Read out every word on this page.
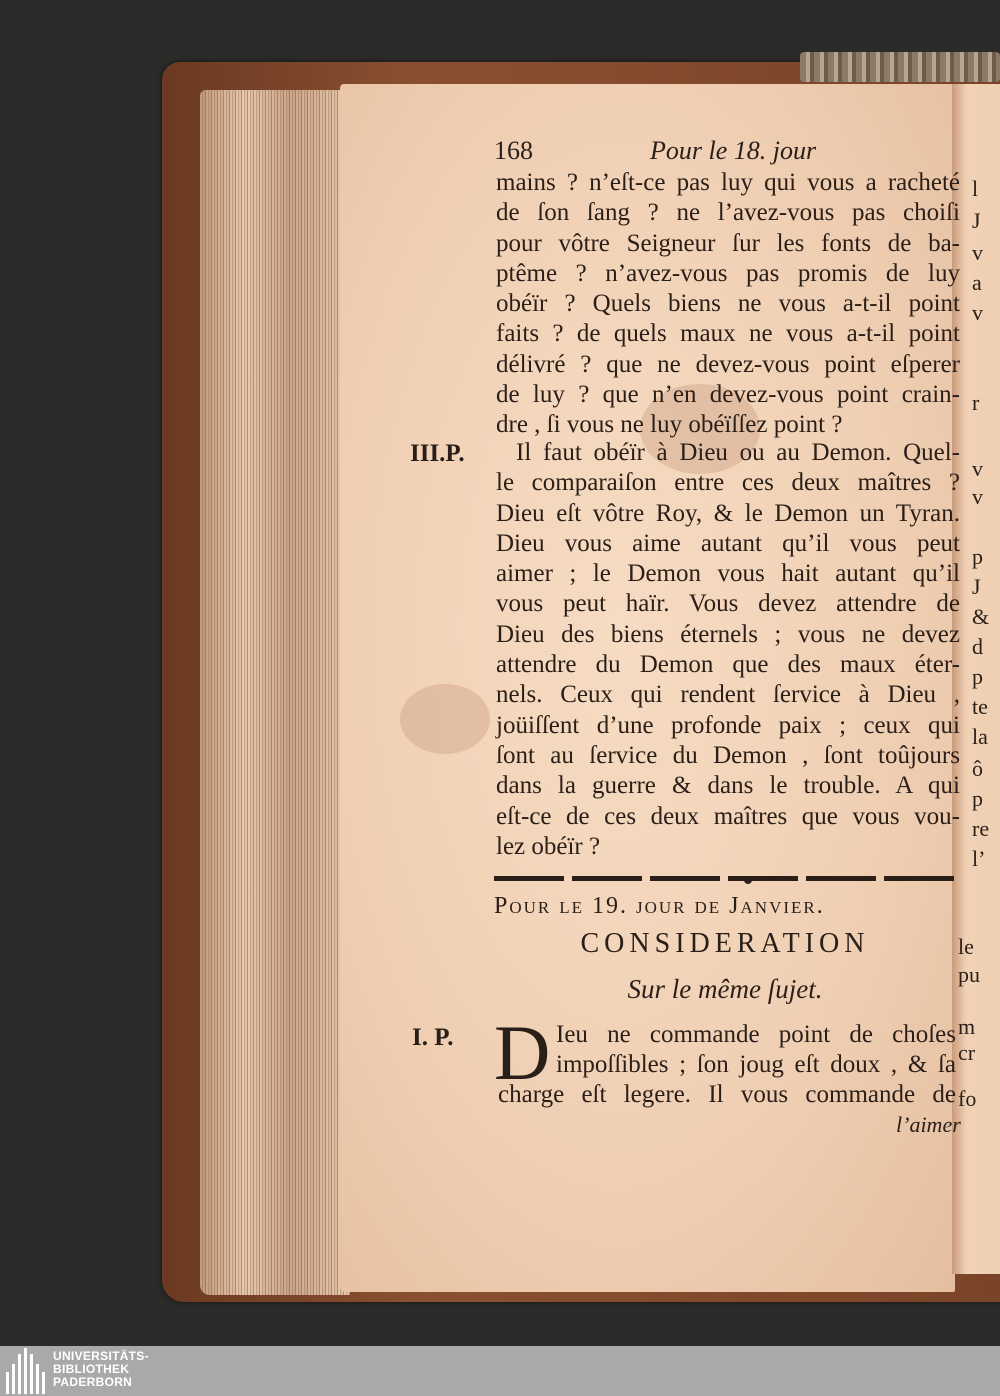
l
J
v
a
v
r
v
v
p
J
&
d
p
te
la
ô
p
re
l’
le
pu
m
cr
fo
168	Pour le 18. jour
mains ? n’eſt-ce pas luy qui vous a racheté
de ſon ſang ? ne l’avez-vous pas choiſi
pour vôtre Seigneur ſur les fonts de ba-
ptême ? n’avez-vous pas promis de luy
obéïr ? Quels biens ne vous a-t-il point
faits ? de quels maux ne vous a-t-il point
délivré ? que ne devez-vous point eſperer
de luy ? que n’en devez-vous point crain-
dre , ſi vous ne luy obéïſſez point ?
III.P.	Il faut obéïr à Dieu ou au Demon. Quel-
le comparaiſon entre ces deux maîtres ?
Dieu eſt vôtre Roy, & le Demon un Tyran.
Dieu vous aime autant qu’il vous peut
aimer ; le Demon vous hait autant qu’il
vous peut haïr. Vous devez attendre de
Dieu des biens éternels ; vous ne devez
attendre du Demon que des maux éter-
nels. Ceux qui rendent ſervice à Dieu ,
joüiſſent d’une profonde paix ; ceux qui
ſont au ſervice du Demon , ſont toûjours
dans la guerre & dans le trouble. A qui
eſt-ce de ces deux maîtres que vous vou-
lez obéïr ?
Pour le 19. jour de Janvier.
CONSIDERATION
Sur le même ſujet.
I. P. D Ieu ne commande point de choſes
impoſſibles ; ſon joug eſt doux , & ſa
charge eſt legere. Il vous commande de
l’aimer
UNIVERSITÄTS-
BIBLIOTHEK
PADERBORN
